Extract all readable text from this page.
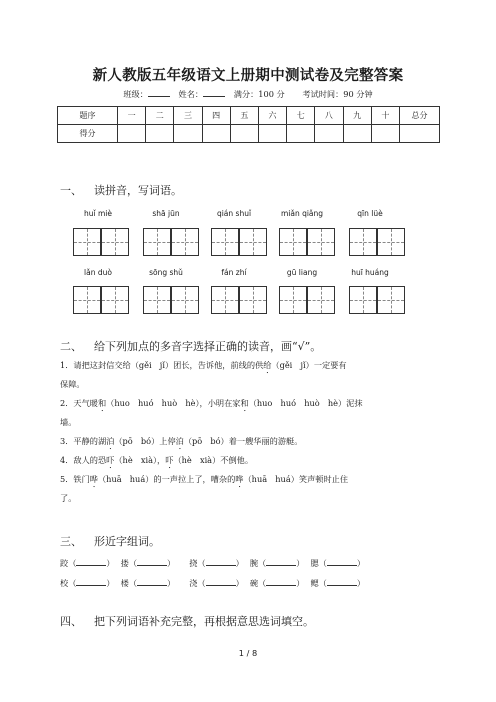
新人教版五年级语文上册期中测试卷及完整答案
班级：	姓名：	满分：100 分 考试时间：90 分钟
题序	一	二	三	四	五	六	七	八	九	十	总分
得分											
一、 读拼音，写词语。
huǐ miè	shā jūn	qián shuǐ	miǎn qiǎng	qīn lüè
lǎn duò	sōng shǔ	fán zhí	gū liang	huī huáng
二、 给下列加点的多音字选择正确的读音，画“√”。
1．请把这封信交给（gěi　jǐ）团长，告诉他，前线的供给（gěi　jǐ）一定要有
保障。
2．天气暖和（huo　huó　huò　hè），小明在家和（huo　huó　huò　hè）泥抹
墙。
3．平静的湖泊（pō　bó）上停泊（pō　bó）着一艘华丽的游艇。
4．敌人的恐吓（hè　xià），吓（hè　xià）不倒他。
5．铁门哗（huā　huá）的一声拉上了，嘈杂的哗（huā　huá）笑声顿时止住
了。
三、 形近字组词。
跤（	） 搂（	） 挠（	） 腕（	） 腮（	）
校（	） 楼（	） 浇（	） 碗（	） 鳃（	）
四、 把下列词语补充完整，再根据意思选词填空。
1 / 8
